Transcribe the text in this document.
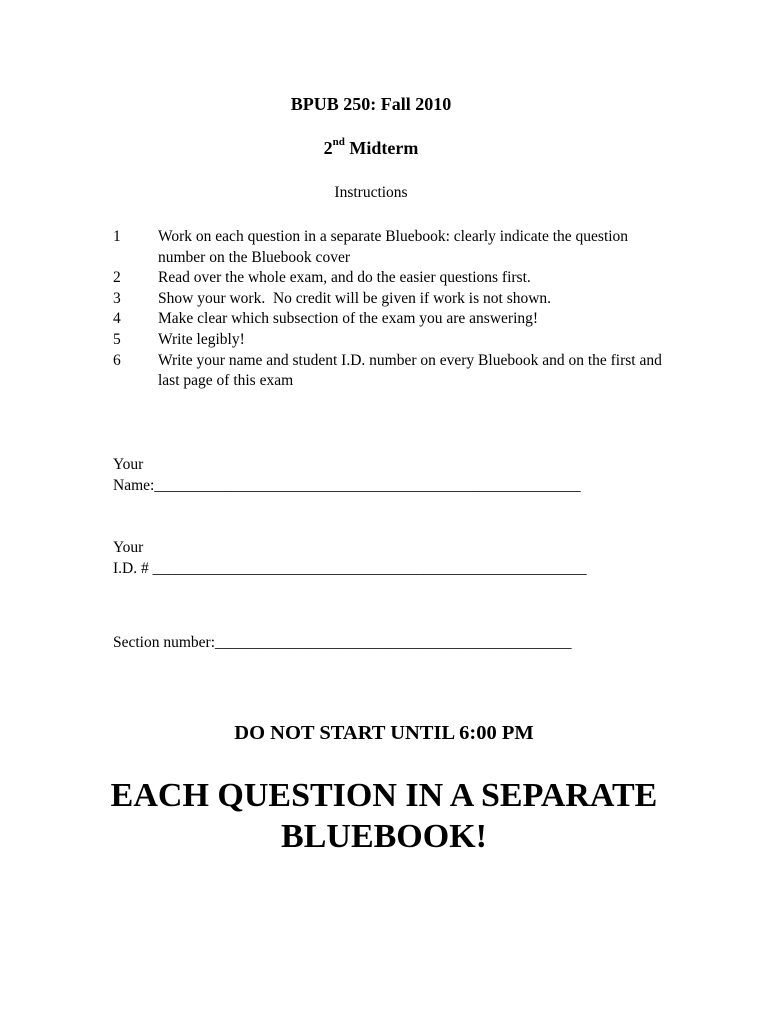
BPUB 250: Fall 2010
2nd Midterm
Instructions
1	Work on each question in a separate Bluebook: clearly indicate the question number on the Bluebook cover
2	Read over the whole exam, and do the easier questions first.
3	Show your work.  No credit will be given if work is not shown.
4	Make clear which subsection of the exam you are answering!
5	Write legibly!
6	Write your name and student I.D. number on every Bluebook and on the first and last page of this exam
Your
Name:_______________________________________________________
Your
I.D. # ________________________________________________________
Section number:______________________________________________
DO NOT START UNTIL 6:00 PM
EACH QUESTION IN A SEPARATE
BLUEBOOK!
